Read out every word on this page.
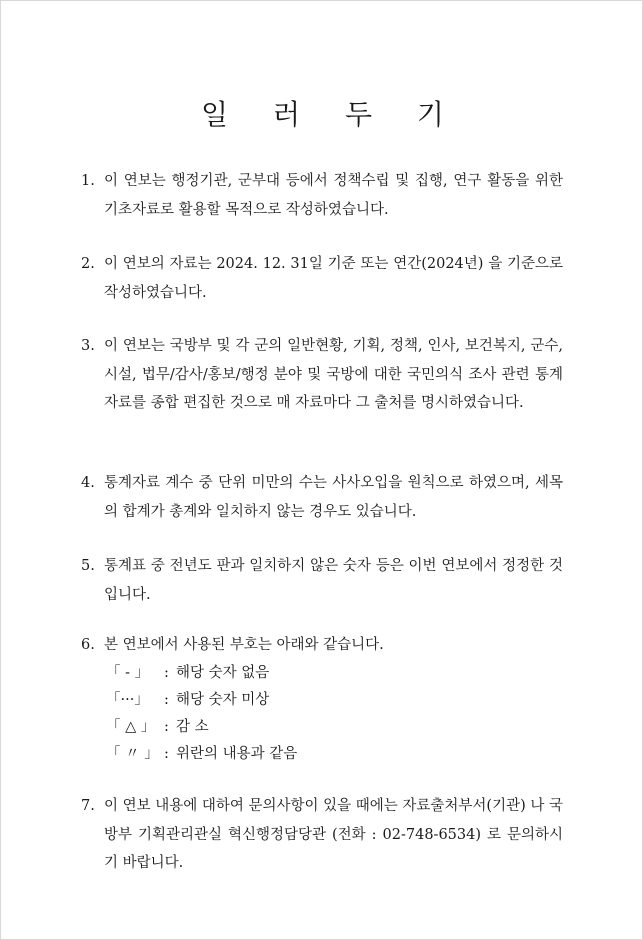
일 러 두 기
1. 이 연보는 행정기관, 군부대 등에서 정책수립 및 집행, 연구 활동을 위한 기초자료로 활용할 목적으로 작성하였습니다.
2. 이 연보의 자료는 2024. 12. 31일 기준 또는 연간(2024년) 을 기준으로 작성하였습니다.
3. 이 연보는 국방부 및 각 군의 일반현황, 기획, 정책, 인사, 보건복지, 군수, 시설, 법무/감사/홍보/행정 분야 및 국방에 대한 국민의식 조사 관련 통계자료를 종합 편집한 것으로 매 자료마다 그 출처를 명시하였습니다.
4. 통계자료 계수 중 단위 미만의 수는 사사오입을 원칙으로 하였으며, 세목의 합계가 총계와 일치하지 않는 경우도 있습니다.
5. 통계표 중 전년도 판과 일치하지 않은 숫자 등은 이번 연보에서 정정한 것입니다.
6. 본 연보에서 사용된 부호는 아래와 같습니다.
「 - 」	: 해당 숫자 없음
「···」	: 해당 숫자 미상
「 △ 」 : 감 소
「 〃 」 : 위란의 내용과 같음
7. 이 연보 내용에 대하여 문의사항이 있을 때에는 자료출처부서(기관) 나 국방부 기획관리관실 혁신행정담당관 (전화 : 02-748-6534) 로 문의하시기 바랍니다.
